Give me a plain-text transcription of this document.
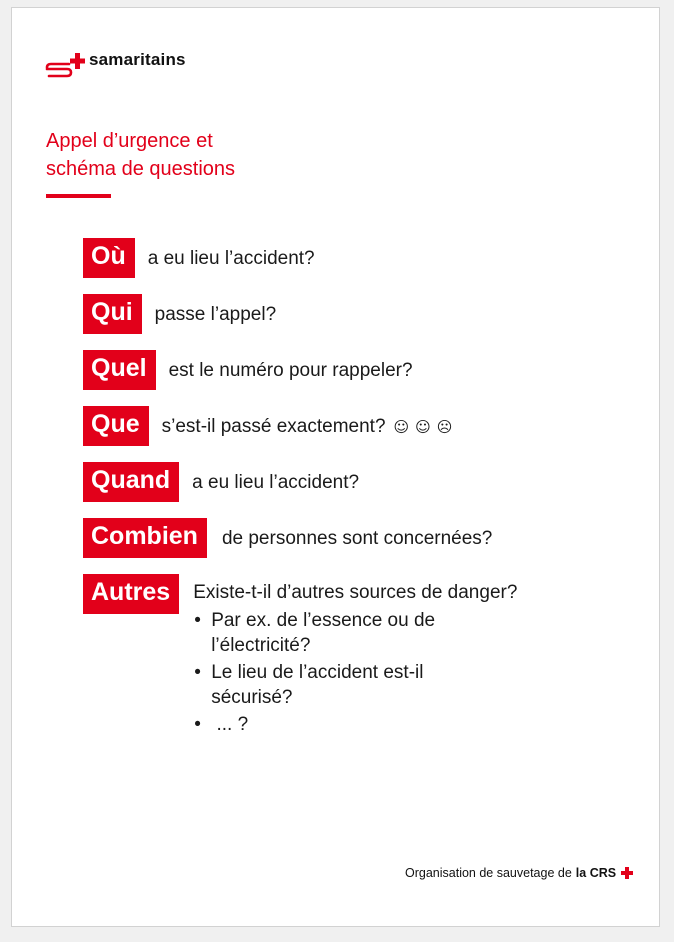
samaritains
Appel d’urgence et
schéma de questions
Où	a eu lieu l’accident?
Qui	passe l’appel?
Quel	est le numéro pour rappeler?
Que	s’est-il passé exactement? ☺☺☹
Quand	a eu lieu l’accident?
Combien	de personnes sont concernées?
Autres	Existe-t-il d’autres sources de danger?
• Par ex. de l’essence ou de l’électricité?
• Le lieu de l’accident est-il sécurisé?
• ... ?
Organisation de sauvetage de la CRS
